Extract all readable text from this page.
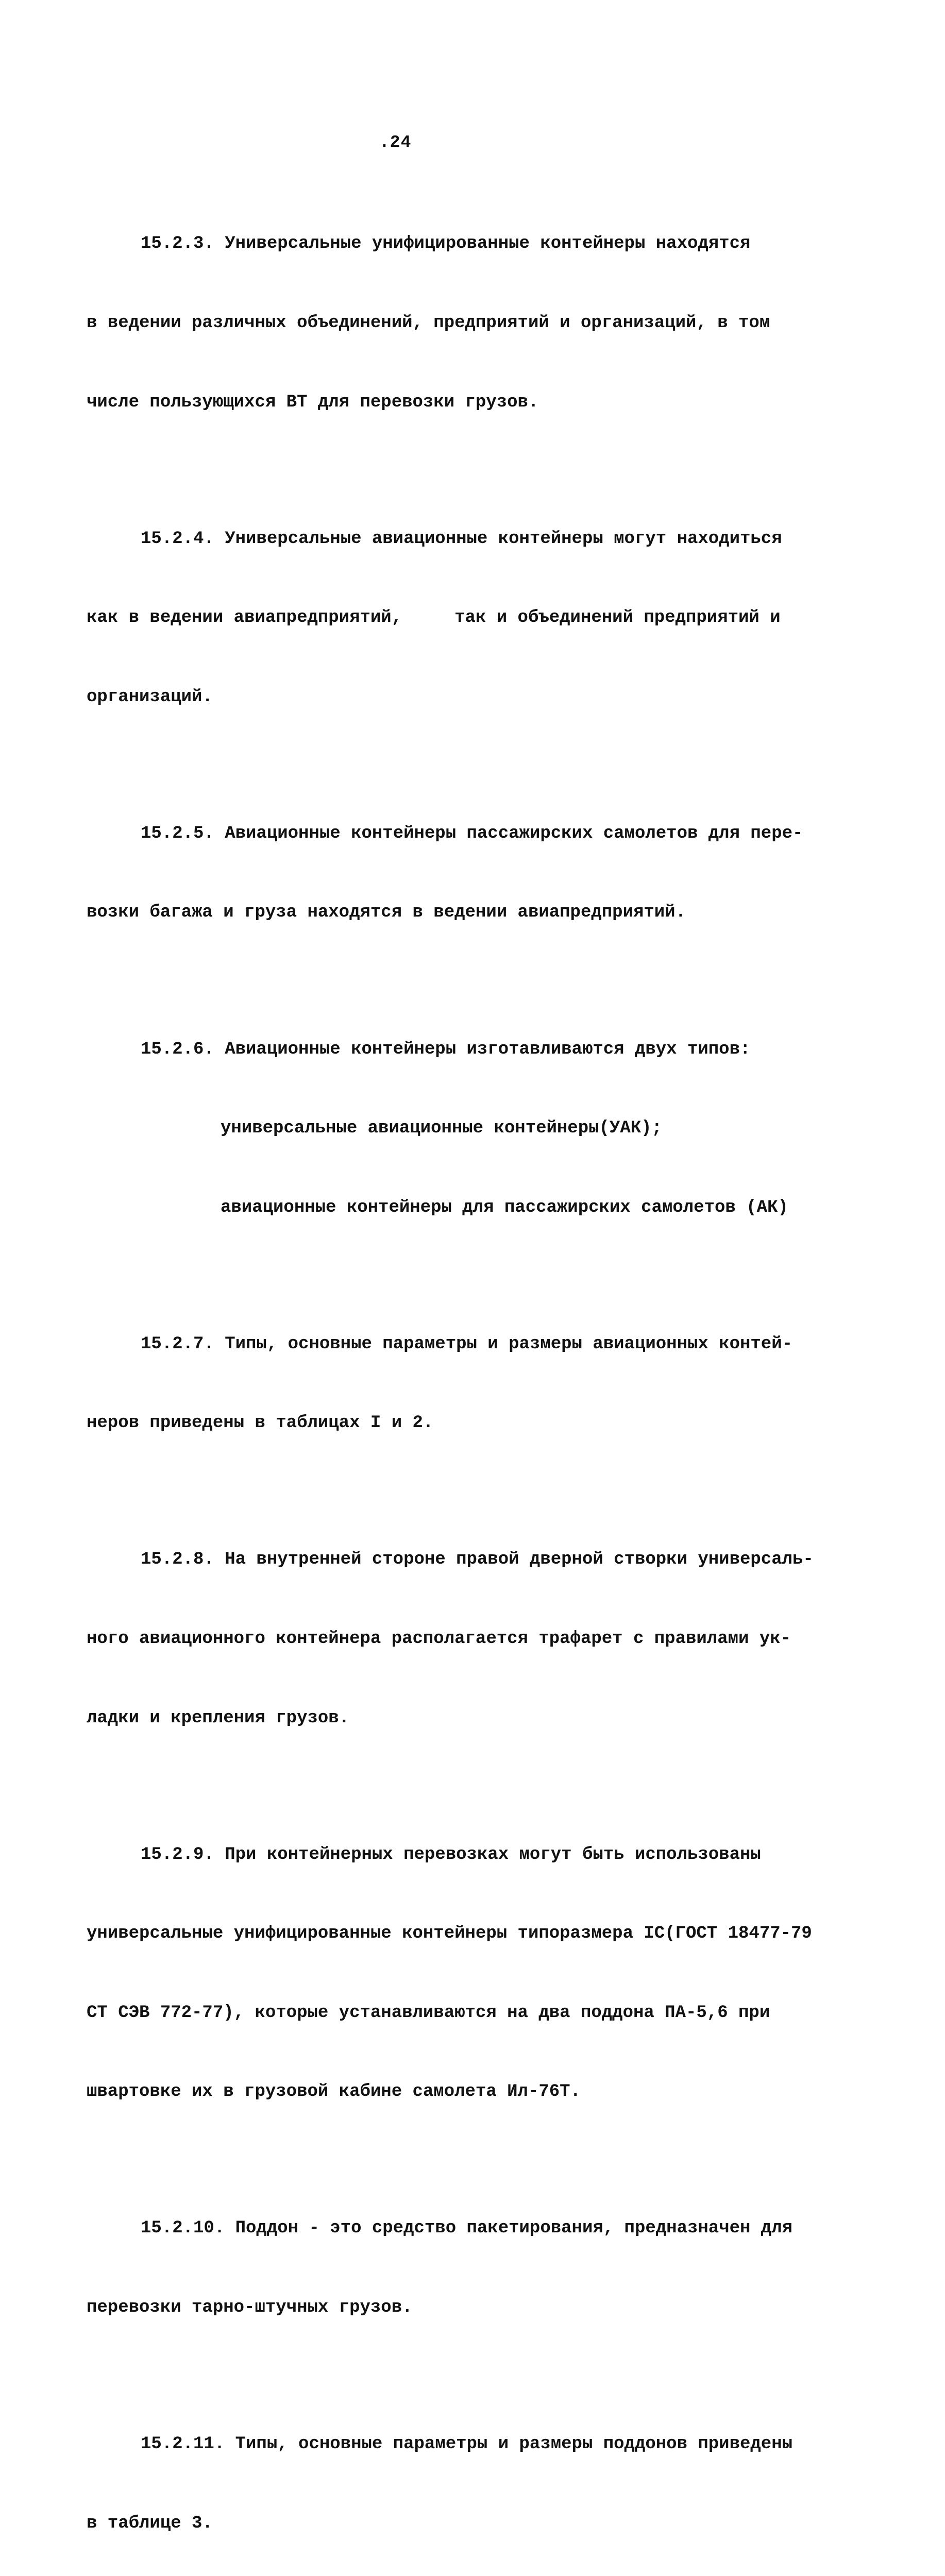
.24

15.2.3. Универсальные унифицированные контейнеры находятся

в ведении различных объединений, предприятий и организаций, в том

числе пользующихся ВТ для перевозки грузов.

15.2.4. Универсальные авиационные контейнеры могут находиться

как в ведении авиапредприятий,     так и объединений предприятий и

организаций.

15.2.5. Авиационные контейнеры пассажирских самолетов для пере-

возки багажа и груза находятся в ведении авиапредприятий.

15.2.6. Авиационные контейнеры изготавливаются двух типов:

универсальные авиационные контейнеры(УАК);

авиационные контейнеры для пассажирских самолетов (АК)

15.2.7. Типы, основные параметры и размеры авиационных контей-

неров приведены в таблицах I и 2.

15.2.8. На внутренней стороне правой дверной створки универсаль-

ного авиационного контейнера располагается трафарет с правилами ук-

ладки и крепления грузов.

15.2.9. При контейнерных перевозках могут быть использованы

универсальные унифицированные контейнеры типоразмера IC(ГОСТ 18477-79

СТ СЭВ 772-77), которые устанавливаются на два поддона ПА-5,6 при

швартовке их в грузовой кабине самолета Ил-76Т.

15.2.10. Поддон - это средство пакетирования, предназначен для

перевозки тарно-штучных грузов.

15.2.11. Типы, основные параметры и размеры поддонов приведены

в таблице 3.
